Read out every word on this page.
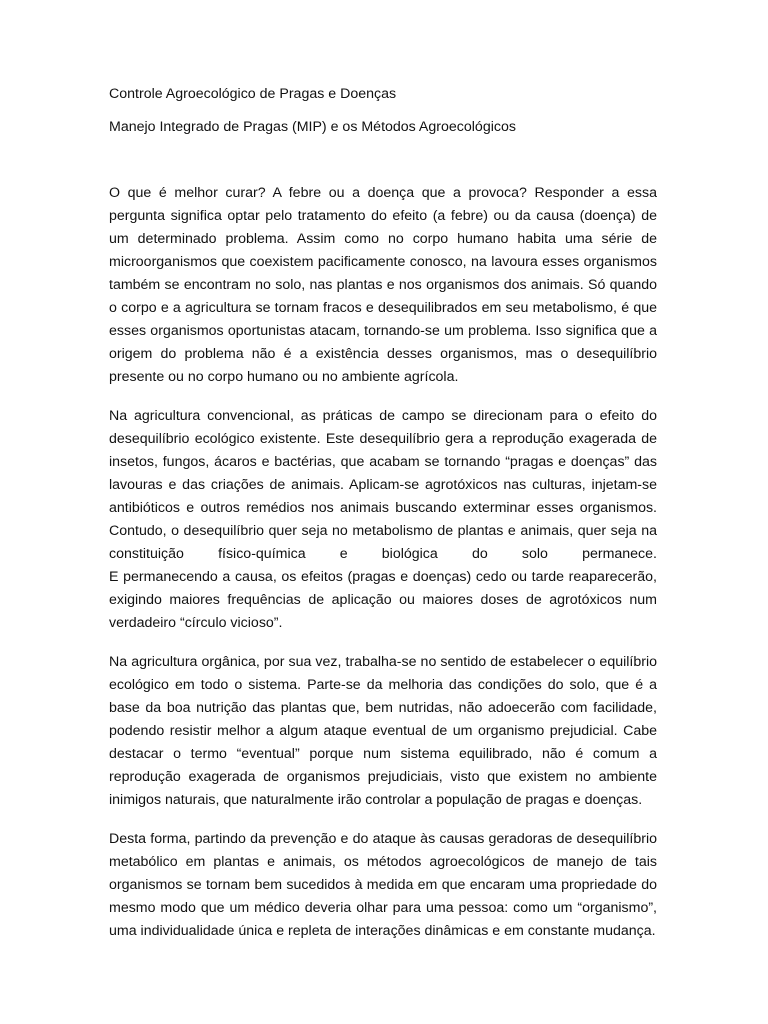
Controle Agroecológico de Pragas e Doenças

Manejo Integrado de Pragas (MIP) e os Métodos Agroecológicos

O que é melhor curar? A febre ou a doença que a provoca? Responder a essa
pergunta significa optar pelo tratamento do efeito (a febre) ou da causa (doença) de
um determinado problema. Assim como no corpo humano habita uma série de
microorganismos que coexistem pacificamente conosco, na lavoura esses organismos
também se encontram no solo, nas plantas e nos organismos dos animais. Só quando
o corpo e a agricultura se tornam fracos e desequilibrados em seu metabolismo, é que
esses organismos oportunistas atacam, tornando-se um problema. Isso significa que a
origem do problema não é a existência desses organismos, mas o desequilíbrio
presente ou no corpo humano ou no ambiente agrícola.
Na agricultura convencional, as práticas de campo se direcionam para o efeito do
desequilíbrio ecológico existente. Este desequilíbrio gera a reprodução exagerada de
insetos, fungos, ácaros e bactérias, que acabam se tornando “pragas e doenças” das
lavouras e das criações de animais. Aplicam-se agrotóxicos nas culturas, injetam-se
antibióticos e outros remédios nos animais buscando exterminar esses organismos.
Contudo, o desequilíbrio quer seja no metabolismo de plantas e animais, quer seja na
constituição físico-química e biológica do solo permanece.
E permanecendo a causa, os efeitos (pragas e doenças) cedo ou tarde reaparecerão,
exigindo maiores frequências de aplicação ou maiores doses de agrotóxicos num
verdadeiro “círculo vicioso”.
Na agricultura orgânica, por sua vez, trabalha-se no sentido de estabelecer o equilíbrio
ecológico em todo o sistema. Parte-se da melhoria das condições do solo, que é a
base da boa nutrição das plantas que, bem nutridas, não adoecerão com facilidade,
podendo resistir melhor a algum ataque eventual de um organismo prejudicial. Cabe
destacar o termo “eventual” porque num sistema equilibrado, não é comum a
reprodução exagerada de organismos prejudiciais, visto que existem no ambiente
inimigos naturais, que naturalmente irão controlar a população de pragas e doenças.
Desta forma, partindo da prevenção e do ataque às causas geradoras de desequilíbrio
metabólico em plantas e animais, os métodos agroecológicos de manejo de tais
organismos se tornam bem sucedidos à medida em que encaram uma propriedade do
mesmo modo que um médico deveria olhar para uma pessoa: como um “organismo”,
uma individualidade única e repleta de interações dinâmicas e em constante mudança.
